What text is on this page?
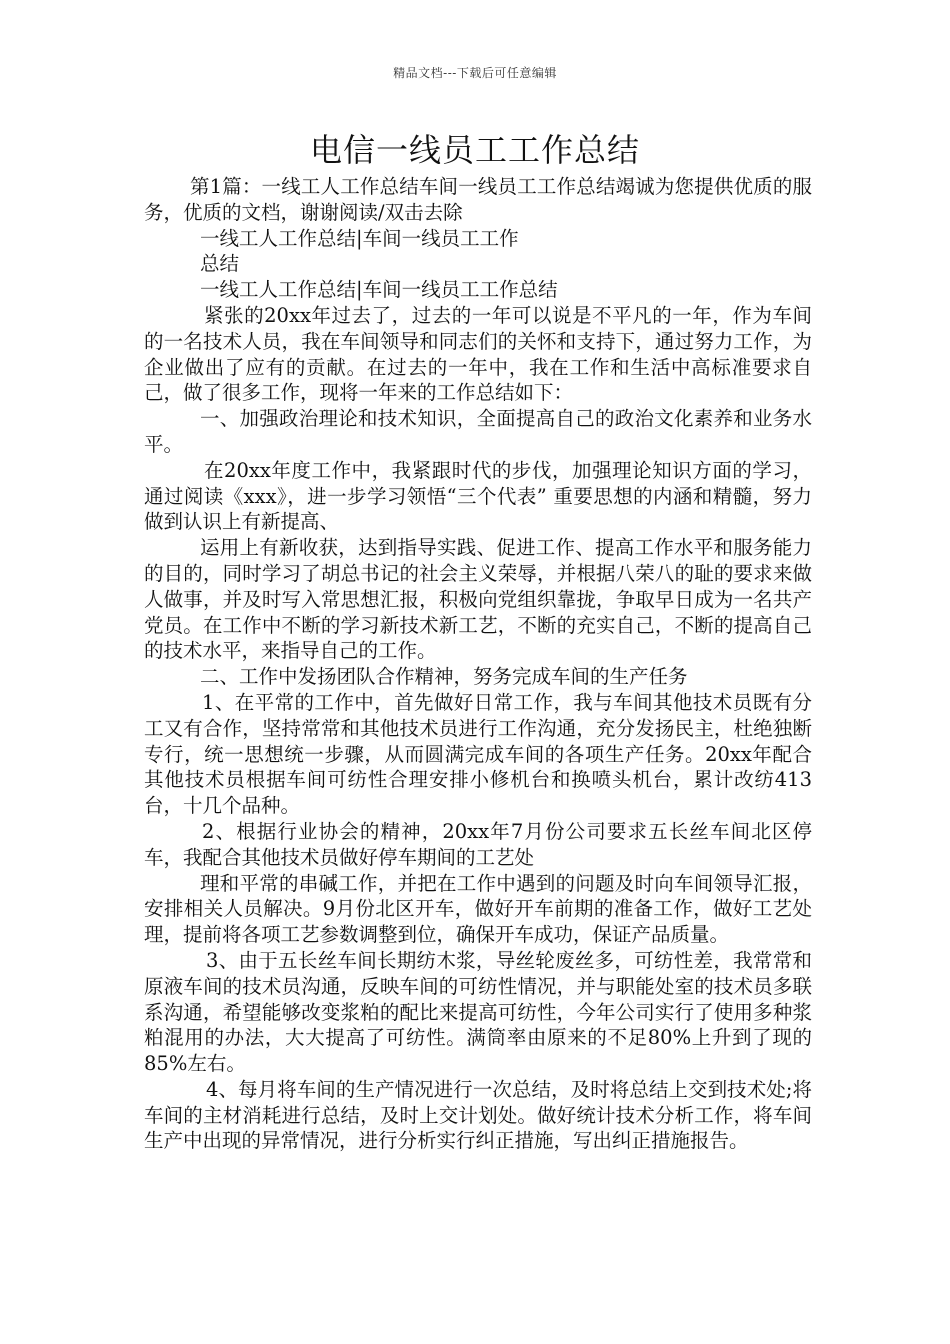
精品文档---下载后可任意编辑
电信一线员工工作总结

第1篇：一线工人工作总结车间一线员工工作总结竭诚为您提供优质的服务，优质的文档，谢谢阅读/双击去除

一线工人工作总结|车间一线员工工作

总结

一线工人工作总结|车间一线员工工作总结

紧张的20xx年过去了，过去的一年可以说是不平凡的一年，作为车间的一名技术人员，我在车间领导和同志们的关怀和支持下，通过努力工作，为企业做出了应有的贡献。在过去的一年中，我在工作和生活中高标准要求自己，做了很多工作，现将一年来的工作总结如下：

一、加强政治理论和技术知识，全面提高自己的政治文化素养和业务水平。

在20xx年度工作中，我紧跟时代的步伐，加强理论知识方面的学习，通过阅读《xxx》，进一步学习领悟“三个代表” 重要思想的内涵和精髓，努力做到认识上有新提高、

运用上有新收获，达到指导实践、促进工作、提高工作水平和服务能力的目的，同时学习了胡总书记的社会主义荣辱，并根据八荣八的耻的要求来做人做事，并及时写入常思想汇报，积极向党组织靠拢，争取早日成为一名共产党员。在工作中不断的学习新技术新工艺，不断的充实自己，不断的提高自己的技术水平，来指导自己的工作。

二、工作中发扬团队合作精神，努务完成车间的生产任务

1、在平常的工作中，首先做好日常工作，我与车间其他技术员既有分工又有合作，坚持常常和其他技术员进行工作沟通，充分发扬民主，杜绝独断专行，统一思想统一步骤，从而圆满完成车间的各项生产任务。20xx年配合其他技术员根据车间可纺性合理安排小修机台和换喷头机台，累计改纺413台，十几个品种。

2、根据行业协会的精神，20xx年7月份公司要求五长丝车间北区停车，我配合其他技术员做好停车期间的工艺处

理和平常的串碱工作，并把在工作中遇到的问题及时向车间领导汇报，安排相关人员解决。9月份北区开车，做好开车前期的准备工作，做好工艺处理，提前将各项工艺参数调整到位，确保开车成功，保证产品质量。

3、由于五长丝车间长期纺木浆，导丝轮废丝多，可纺性差，我常常和原液车间的技术员沟通，反映车间的可纺性情况，并与职能处室的技术员多联系沟通，希望能够改变浆粕的配比来提高可纺性，今年公司实行了使用多种浆粕混用的办法，大大提高了可纺性。满筒率由原来的不足80%上升到了现的85%左右。

4、每月将车间的生产情况进行一次总结，及时将总结上交到技术处;将车间的主材消耗进行总结，及时上交计划处。做好统计技术分析工作，将车间生产中出现的异常情况，进行分析实行纠正措施，写出纠正措施报告。
